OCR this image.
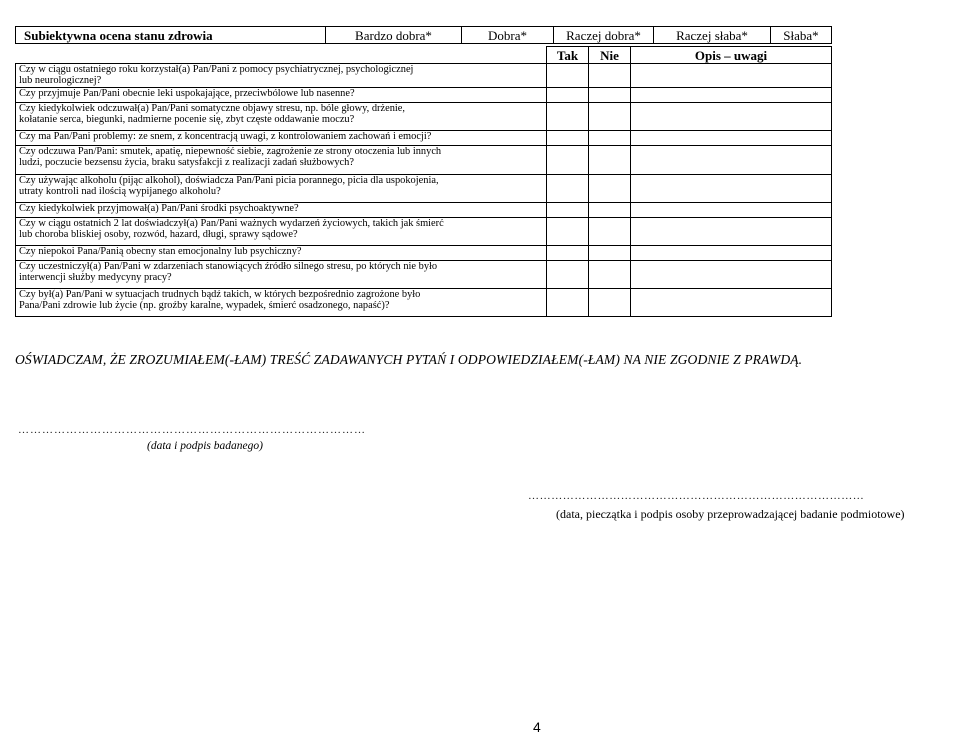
Subiektywna ocena stanu zdrowia	Bardzo dobra*	Dobra*	Raczej dobra*	Raczej słaba*	Słaba*
	Tak	Nie	Opis – uwagi

Czy w ciągu ostatniego roku korzystał(a) Pan/Pani z pomocy psychiatrycznej, psychologicznej
lub neurologicznej?			

Czy przyjmuje Pan/Pani obecnie leki uspokajające, przeciwbólowe lub nasenne?			

Czy kiedykolwiek odczuwał(a) Pan/Pani somatyczne objawy stresu, np. bóle głowy, drżenie,
kołatanie serca, biegunki, nadmierne pocenie się, zbyt częste oddawanie moczu?			

Czy ma Pan/Pani problemy: ze snem, z koncentracją uwagi, z kontrolowaniem zachowań i emocji?			

Czy odczuwa Pan/Pani: smutek, apatię, niepewność siebie, zagrożenie ze strony otoczenia lub innych
ludzi, poczucie bezsensu życia, braku satysfakcji z realizacji zadań służbowych?			

Czy używając alkoholu (pijąc alkohol), doświadcza Pan/Pani picia porannego, picia dla uspokojenia,
utraty kontroli nad ilością wypijanego alkoholu?			

Czy kiedykolwiek przyjmował(a) Pan/Pani środki psychoaktywne?			

Czy w ciągu ostatnich 2 lat doświadczył(a) Pan/Pani ważnych wydarzeń życiowych, takich jak śmierć
lub choroba bliskiej osoby, rozwód, hazard, długi, sprawy sądowe?			

Czy niepokoi Pana/Panią obecny stan emocjonalny lub psychiczny?			

Czy uczestniczył(a) Pan/Pani w zdarzeniach stanowiących źródło silnego stresu, po których nie było
interwencji służby medycyny pracy?			

Czy był(a) Pan/Pani w sytuacjach trudnych bądź takich, w których bezpośrednio zagrożone było
Pana/Pani zdrowie lub życie (np. groźby karalne, wypadek, śmierć osadzonego, napaść)?			

OŚWIADCZAM, ŻE ZROZUMIAŁEM(-ŁAM) TREŚĆ ZADAWANYCH PYTAŃ I ODPOWIEDZIAŁEM(-ŁAM) NA NIE ZGODNIE Z PRAWDĄ.
……………………………………………………………………………
(data i podpis badanego)
……………………………………………………………………………
(data, pieczątka i podpis osoby przeprowadzającej badanie podmiotowe)
4
